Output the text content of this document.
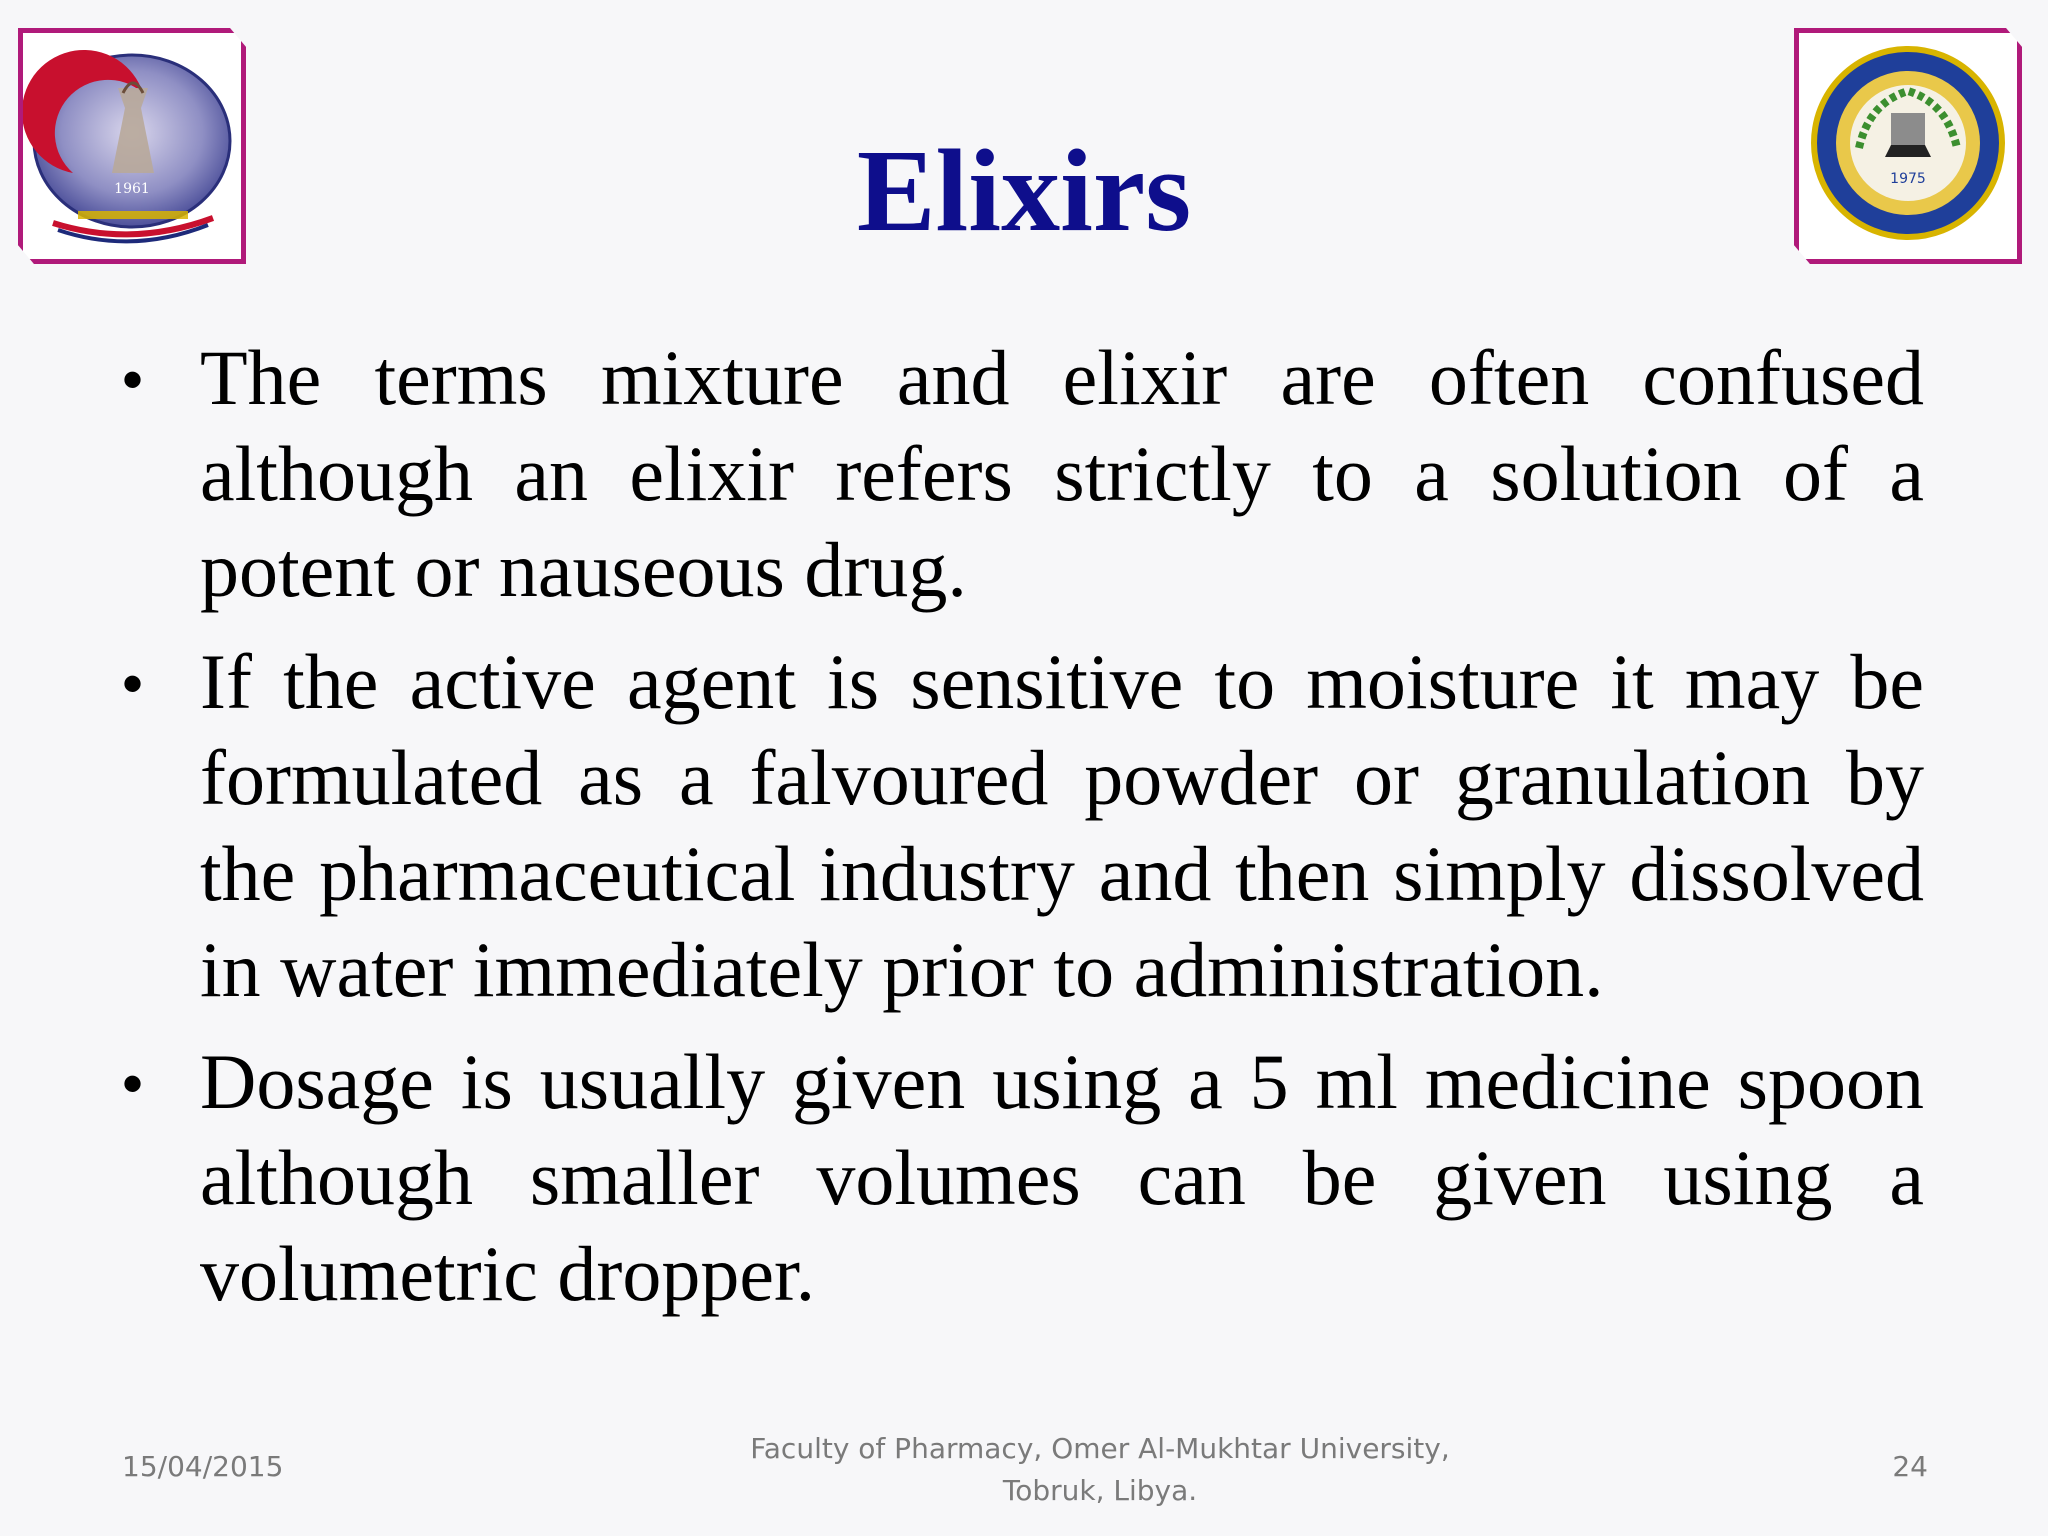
1961
1975
Elixirs
• The terms mixture and elixir are often confused although an elixir refers strictly to a solution of a potent or nauseous drug.
• If the active agent is sensitive to moisture it may be formulated as a falvoured powder or granulation by the pharmaceutical industry and then simply dissolved in water immediately prior to administration.
• Dosage is usually given using a 5 ml medicine spoon although smaller volumes can be given using a volumetric dropper.
15/04/2015
Faculty of Pharmacy, Omer Al-Mukhtar University,
Tobruk, Libya.
24
